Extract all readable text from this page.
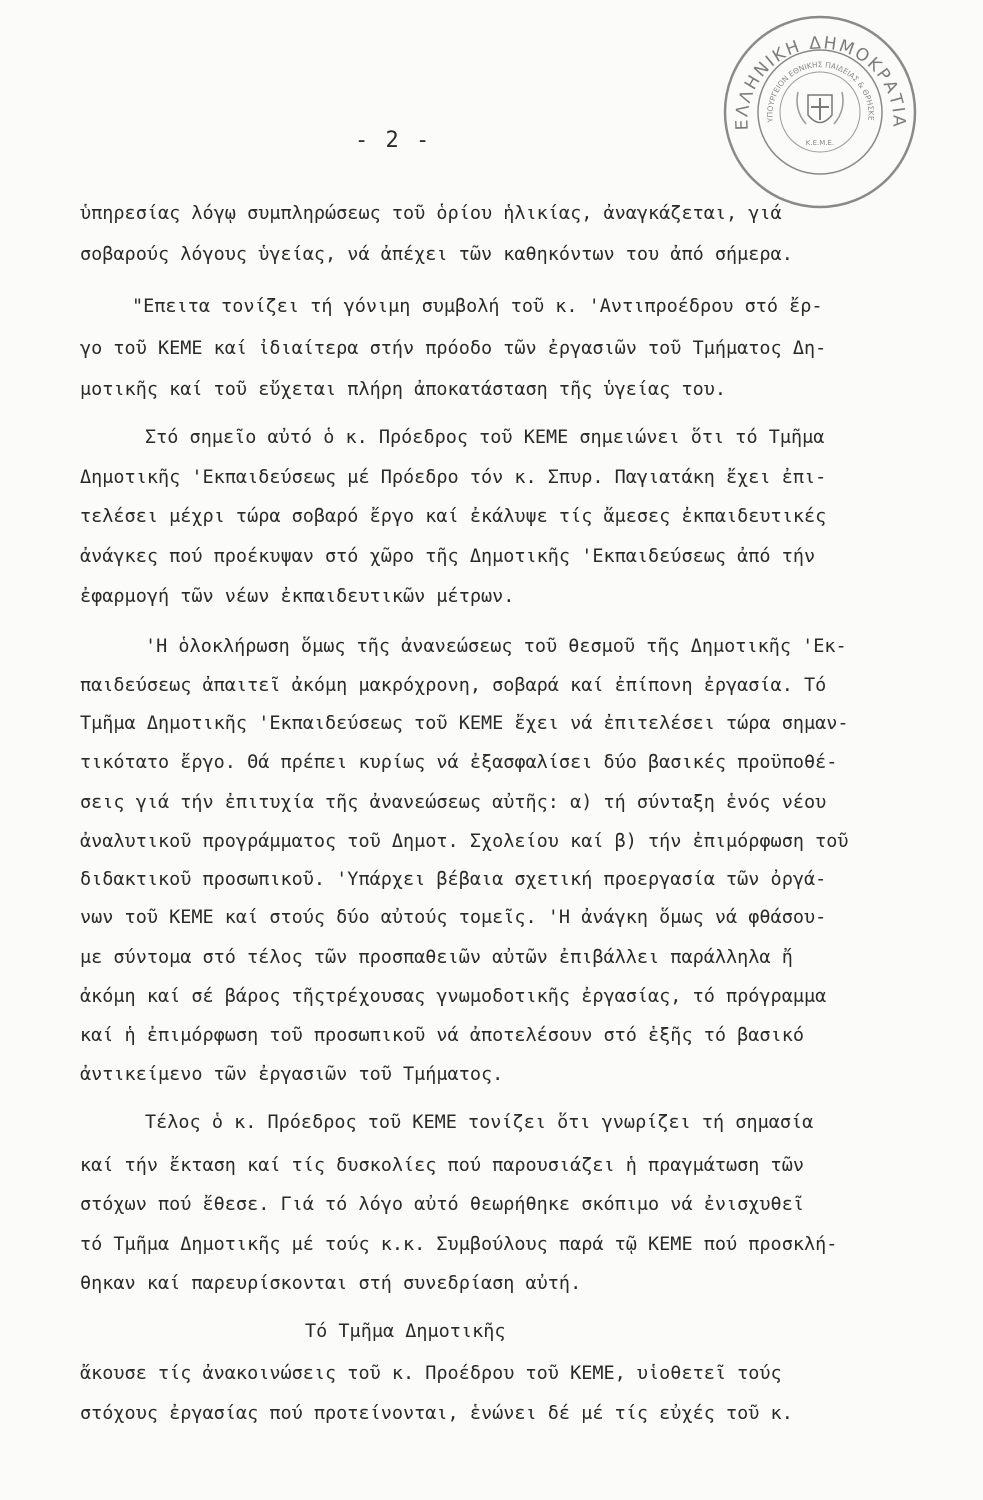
- 2 -
ΕΛΛΗΝΙΚΗ ΔΗΜΟΚΡΑΤΙΑ
ΥΠΟΥΡΓΕΙΟΝ ΕΘΝΙΚΗΣ ΠΑΙΔΕΙΑΣ & ΘΡΗΣΚΕ
Κ.Ε.Μ.Ε.
ὑπηρεσίας λόγῳ συμπληρώσεως τοῦ ὁρίου ἡλικίας, ἀναγκάζεται, γιά
σοβαρούς λόγους ὑγείας, νά ἀπέχει τῶν καθηκόντων του ἀπό σήμερα.
"Επειτα τονίζει τή γόνιμη συμβολή τοῦ κ. 'Αντιπροέδρου στό ἔρ-
γο τοῦ ΚΕΜΕ καί ἰδιαίτερα στήν πρόοδο τῶν ἐργασιῶν τοῦ Τμήματος Δη-
μοτικῆς καί τοῦ εὔχεται πλήρη ἀποκατάσταση τῆς ὑγείας του.
Στό σημεῖο αὐτό ὁ κ. Πρόεδρος τοῦ ΚΕΜΕ σημειώνει ὅτι τό Τμῆμα
Δημοτικῆς 'Εκπαιδεύσεως μέ Πρόεδρο τόν κ. Σπυρ. Παγιατάκη ἔχει ἐπι-
τελέσει μέχρι τώρα σοβαρό ἔργο καί ἐκάλυψε τίς ἄμεσες ἐκπαιδευτικές
ἀνάγκες πού προέκυψαν στό χῶρο τῆς Δημοτικῆς 'Εκπαιδεύσεως ἀπό τήν
ἐφαρμογή τῶν νέων ἐκπαιδευτικῶν μέτρων.
'Η ὁλοκλήρωση ὅμως τῆς ἀνανεώσεως τοῦ θεσμοῦ τῆς Δημοτικῆς 'Εκ-
παιδεύσεως ἀπαιτεῖ ἀκόμη μακρόχρονη, σοβαρά καί ἐπίπονη ἐργασία. Τό
Τμῆμα Δημοτικῆς 'Εκπαιδεύσεως τοῦ ΚΕΜΕ ἔχει νά ἐπιτελέσει τώρα σημαν-
τικότατο ἔργο. Θά πρέπει κυρίως νά ἐξασφαλίσει δύο βασικές προϋποθέ-
σεις γιά τήν ἐπιτυχία τῆς ἀνανεώσεως αὐτῆς: α) τή σύνταξη ἑνός νέου
ἀναλυτικοῦ προγράμματος τοῦ Δημοτ. Σχολείου καί β) τήν ἐπιμόρφωση τοῦ
διδακτικοῦ προσωπικοῦ. 'Υπάρχει βέβαια σχετική προεργασία τῶν ὀργά-
νων τοῦ ΚΕΜΕ καί στούς δύο αὐτούς τομεῖς. 'Η ἀνάγκη ὅμως νά φθάσου-
με σύντομα στό τέλος τῶν προσπαθειῶν αὐτῶν ἐπιβάλλει παράλληλα ἤ
ἀκόμη καί σέ βάρος τῆςτρέχουσας γνωμοδοτικῆς ἐργασίας, τό πρόγραμμα
καί ἡ ἐπιμόρφωση τοῦ προσωπικοῦ νά ἀποτελέσουν στό ἑξῆς τό βασικό
ἀντικείμενο τῶν ἐργασιῶν τοῦ Τμήματος.
Τέλος ὁ κ. Πρόεδρος τοῦ ΚΕΜΕ τονίζει ὅτι γνωρίζει τή σημασία
καί τήν ἔκταση καί τίς δυσκολίες πού παρουσιάζει ἡ πραγμάτωση τῶν
στόχων πού ἔθεσε. Γιά τό λόγο αὐτό θεωρήθηκε σκόπιμο νά ἐνισχυθεῖ
τό Τμῆμα Δημοτικῆς μέ τούς κ.κ. Συμβούλους παρά τῷ ΚΕΜΕ πού προσκλή-
θηκαν καί παρευρίσκονται στή συνεδρίαση αὐτή.
Τό Τμῆμα Δημοτικῆς
ἄκουσε τίς ἀνακοινώσεις τοῦ κ. Προέδρου τοῦ ΚΕΜΕ, υἱοθετεῖ τούς
στόχους ἐργασίας πού προτείνονται, ἑνώνει δέ μέ τίς εὐχές τοῦ κ.
